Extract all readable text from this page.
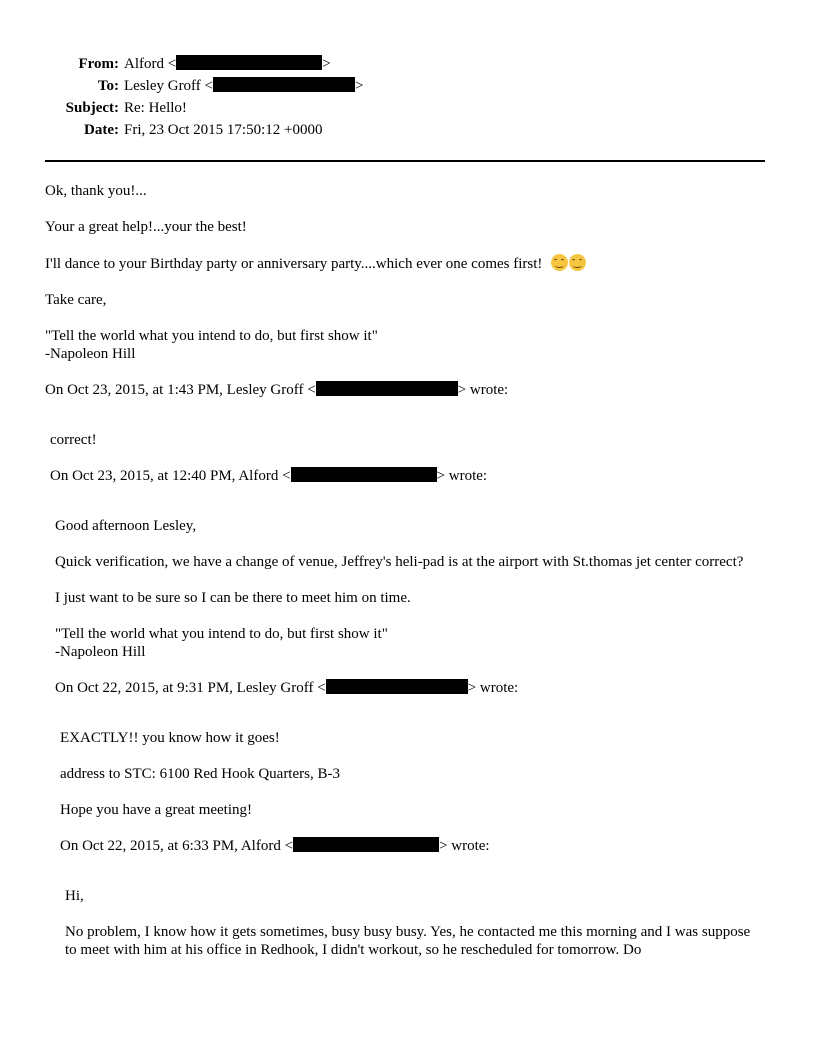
From: Alford <	>
To: Lesley Groff <	>
Subject: Re: Hello!
Date: Fri, 23 Oct 2015 17:50:12 +0000

Ok, thank you!...

Your a great help!...your the best!

I'll dance to your Birthday party or anniversary party....which ever one comes first!

Take care,

"Tell the world what you intend to do, but first show it"
-Napoleon Hill

On Oct 23, 2015, at 1:43 PM, Lesley Groff <	> wrote:

correct!

On Oct 23, 2015, at 12:40 PM, Alford <	> wrote:

Good afternoon Lesley,

Quick verification, we have a change of venue, Jeffrey's heli-pad is at the airport with St.thomas jet center correct?

I just want to be sure so I can be there to meet him on time.

"Tell the world what you intend to do, but first show it"
-Napoleon Hill

On Oct 22, 2015, at 9:31 PM, Lesley Groff <	> wrote:

EXACTLY!! you know how it goes!

address to STC: 6100 Red Hook Quarters, B-3

Hope you have a great meeting!

On Oct 22, 2015, at 6:33 PM, Alford <	> wrote:

Hi,

No problem, I know how it gets sometimes, busy busy busy. Yes, he contacted me this morning and I was suppose to meet with him at his office in Redhook, I didn't workout, so he rescheduled for tomorrow. Do
